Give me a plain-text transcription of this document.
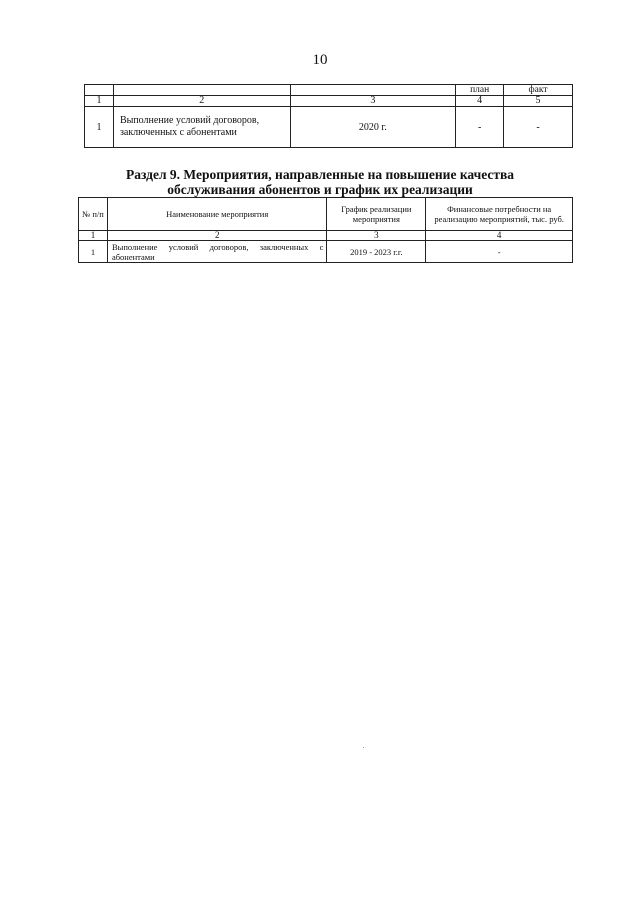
10
			план	факт
1	2	3	4	5
1	Выполнение условий договоров, заключенных с абонентами	2020 г.	-	-
Раздел 9. Мероприятия, направленные на повышение качества
обслуживания абонентов и график их реализации
№ п/п	Наименование мероприятия	График реализации мероприятия	Финансовые потребности на реализацию мероприятий, тыс. руб.
1	2	3	4
1	Выполнение условий договоров, заключенных с абонентами	2019 - 2023 г.г.	-
